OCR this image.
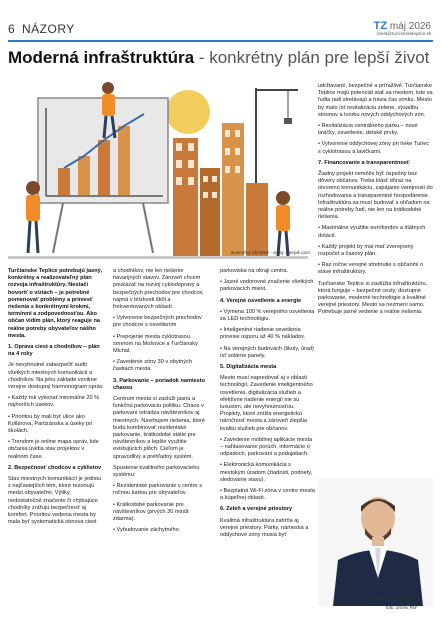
6 NÁZORY	TZ máj 2026
zvest@turciansketeplice.sk
Moderná infraštruktúra - konkrétny plán pre lepší život
ilustračný obrázok - zdroj: freepik.com

Turčianske Teplice potrebujú jasný, konkrétny a realizovateľný plán rozvoja infraštruktúry. Nestačí hovoriť o víziách – je potrebné pomenovať problémy a priniesť riešenia s konkrétnymi krokmi, termínmi a zodpovednosťou. Ako občan vidím plán, ktorý reaguje na reálne potreby obyvateľov nášho mesta.

1. Oprava ciest a chodníkov – plán na 4 roky

Je nevyhnutné zabezpečiť audit všetkých miestnych komunikácií a chodníkov. Na jeho základe vznikne verejne dostupný harmonogram opráv.

• Každý rok vykonať minimálne 20 % najhorších úsekov.

• Prioritou by mali byť ulice ako Kollárova, Partizánska a úseky pri školách.

• Trendom je online mapa opráv, kde občania uvidia stav projektov v reálnom čase.

2. Bezpečnosť chodcov a cyklistov

Stav miestnych komunikácií je jednou z najčastejších tém, ktoré rezonujú medzi obyvateľmi. Výtlky, nedostatočné značenie či chýbajúce chodníky znižujú bezpečnosť aj komfort. Prioritou vedenia mesta by mala byť systematická obnova ciest

a chodníkov, nie len riešenie havarijných stavov. Zároveň chcem poukázať na rozvoj cyklodopravy a bezpečných prechodov pre chodcov, najmä v blízkosti škôl a frekventovaných oblastí.

• Vytvorenie bezpečných prechodov pre chodcov s osvetlením

• Prepojenie mesta cyklotrasou smerom na Mošovce a Turčiansky Michal.

• Zavedenie zóny 30 v obytných častiach mesta.

3. Parkovanie – poriadok namiesto chaosu

Centrum mesta si zaslúži jasnú a funkčnú parkovaciu politiku. Chaos v parkovaní odrádza návštevníkov aj miestnych. Navrhujem riešenia, ktoré budú kombinovať rezidentské parkovanie, krátkodobé státie pre návštevníkov a lepšie využitie existujúcich plôch. Cieľom je spravodlivý a prehľadný systém.

Spustenie kvalitného parkovacieho systému:

• Rezidentské parkovanie v centre s ročnou kartou pre obyvateľov.

• Krátkodobé parkovanie pre návštevníkov (prvých 30 minút zdarma).

• Vybudovanie záchytného

parkoviska na okraji centra.

• Jasné vodorovné značenie všetkých parkovacích miest.

4. Verejné osvetlenie a energie

• Výmena 100 % verejného osvetlenia za LED technológiu.

• Inteligentné riadenie osvetlenia prinesie úsporu až 40 % nákladov.

• Na verejných budovách (školy, úrad) ísť solárne panely.

5. Digitalizácia mesta

Mesto musí napredovať aj v oblasti technológií. Zavedenie inteligentného osvetlenia, digitalizácia služieb a efektívne riadenie energií nie sú luxusom, ale nevyhnutnosťou. Projekty, ktoré znížia energetickú náročnosť mesta a zároveň zlepšia kvalitu služieb pre občanov.

• Zavedenie mobilnej aplikácie mesta – nahlasovanie porúch, informácie o odpadoch, parkovaní a podujatiach.

• Elektronická komunikácia s mestským úradom (žiadosti, podnety, sledovanie stavu).

• Bezplatná Wi-Fi zóna v centre mesta a kúpeľnej oblasti.

6. Zeleň a verejné priestory

Kvalitná infraštruktúra zahŕňa aj verejné priestory. Parky, námestia a oddychové zóny musia byť

udržiavané, bezpečné a príťažlivé. Turčianske Teplice majú potenciál stať sa mestom, kde sa ľudia radi stretávajú a trávia čas vonku. Mesto by malo ísť revitalizáciu zelene, výsadbu stromov a tvorbu nových oddychových zón.

• Revitalizácia centrálneho parku – nové lavičky, osvetlenie, detské prvky.

• Vytvorenie oddychovej zóny pri rieke Turiec s cyklotrasou a lavičkami.

7. Financovanie a transparentnosť

Žiadny projekt nemôže byť úspešný bez dôvery občanov. Treba klásť dôraz na otvorenú komunikáciu, zapájanie verejnosti do rozhodovania a transparentné hospodárenie. Infraštruktúra sa musí budovať s ohľadom na reálne potreby ľudí, nie len na krátkodobé riešenia.

• Maximálne využitie eurofondov a štátnych dotácií.

• Každý projekt by mal mať zverejnený rozpočet a časový plán.

• Raz ročne verejné stretnutie s občanmi o stave infraštruktúry.

Turčianske Teplice si zaslúžia infraštruktúru, ktorá funguje – bezpečné cesty, dostupné parkovanie, moderné technológie a kvalitné verejné priestory. Mesto sa nezmení samo. Potrebuje jasné vedenie a reálne riešenia.

P. Makový, občan mesta
foto: archív RM
